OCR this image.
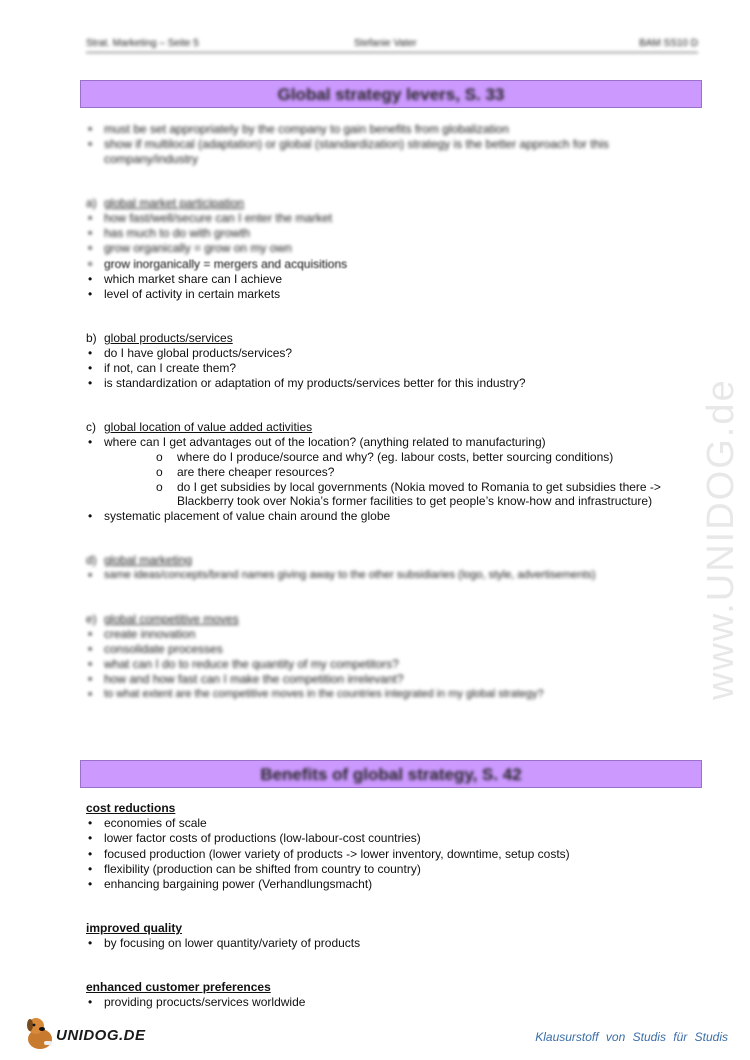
www.UNIDOG.de
Strat. Marketing – Seite 5	Stefanie Vater	BAM SS10 D
Global strategy levers, S. 33
• must be set appropriately by the company to gain benefits from globalization
• show if multilocal (adaptation) or global (standardization) strategy is the better approach for this
company/industry
a) global market participation
• how fast/well/secure can I enter the market
• has much to do with growth
• grow organically = grow on my own
• grow inorganically = mergers and acquisitions
• which market share can I achieve
• level of activity in certain markets
b) global products/services
• do I have global products/services?
• if not, can I create them?
• is standardization or adaptation of my products/services better for this industry?
c) global location of value added activities
• where can I get advantages out of the location? (anything related to manufacturing)
o where do I produce/source and why? (eg. labour costs, better sourcing conditions)
o are there cheaper resources?
o do I get subsidies by local governments (Nokia moved to Romania to get subsidies there ->
Blackberry took over Nokia’s former facilities to get people’s know-how and infrastructure)
• systematic placement of value chain around the globe
d) global marketing
• same ideas/concepts/brand names giving away to the other subsidiaries (logo, style, advertisements)
e) global competitive moves
• create innovation
• consolidate processes
• what can I do to reduce the quantity of my competitors?
• how and how fast can I make the competition irrelevant?
• to what extent are the competitive moves in the countries integrated in my global strategy?
Benefits of global strategy, S. 42
cost reductions
• economies of scale
• lower factor costs of productions (low-labour-cost countries)
• focused production (lower variety of products -> lower inventory, downtime, setup costs)
• flexibility (production can be shifted from country to country)
• enhancing bargaining power (Verhandlungsmacht)
improved quality
• by focusing on lower quantity/variety of products
enhanced customer preferences
• providing procucts/services worldwide
UNIDOG.DE	Klausurstoff von Studis für Studis
